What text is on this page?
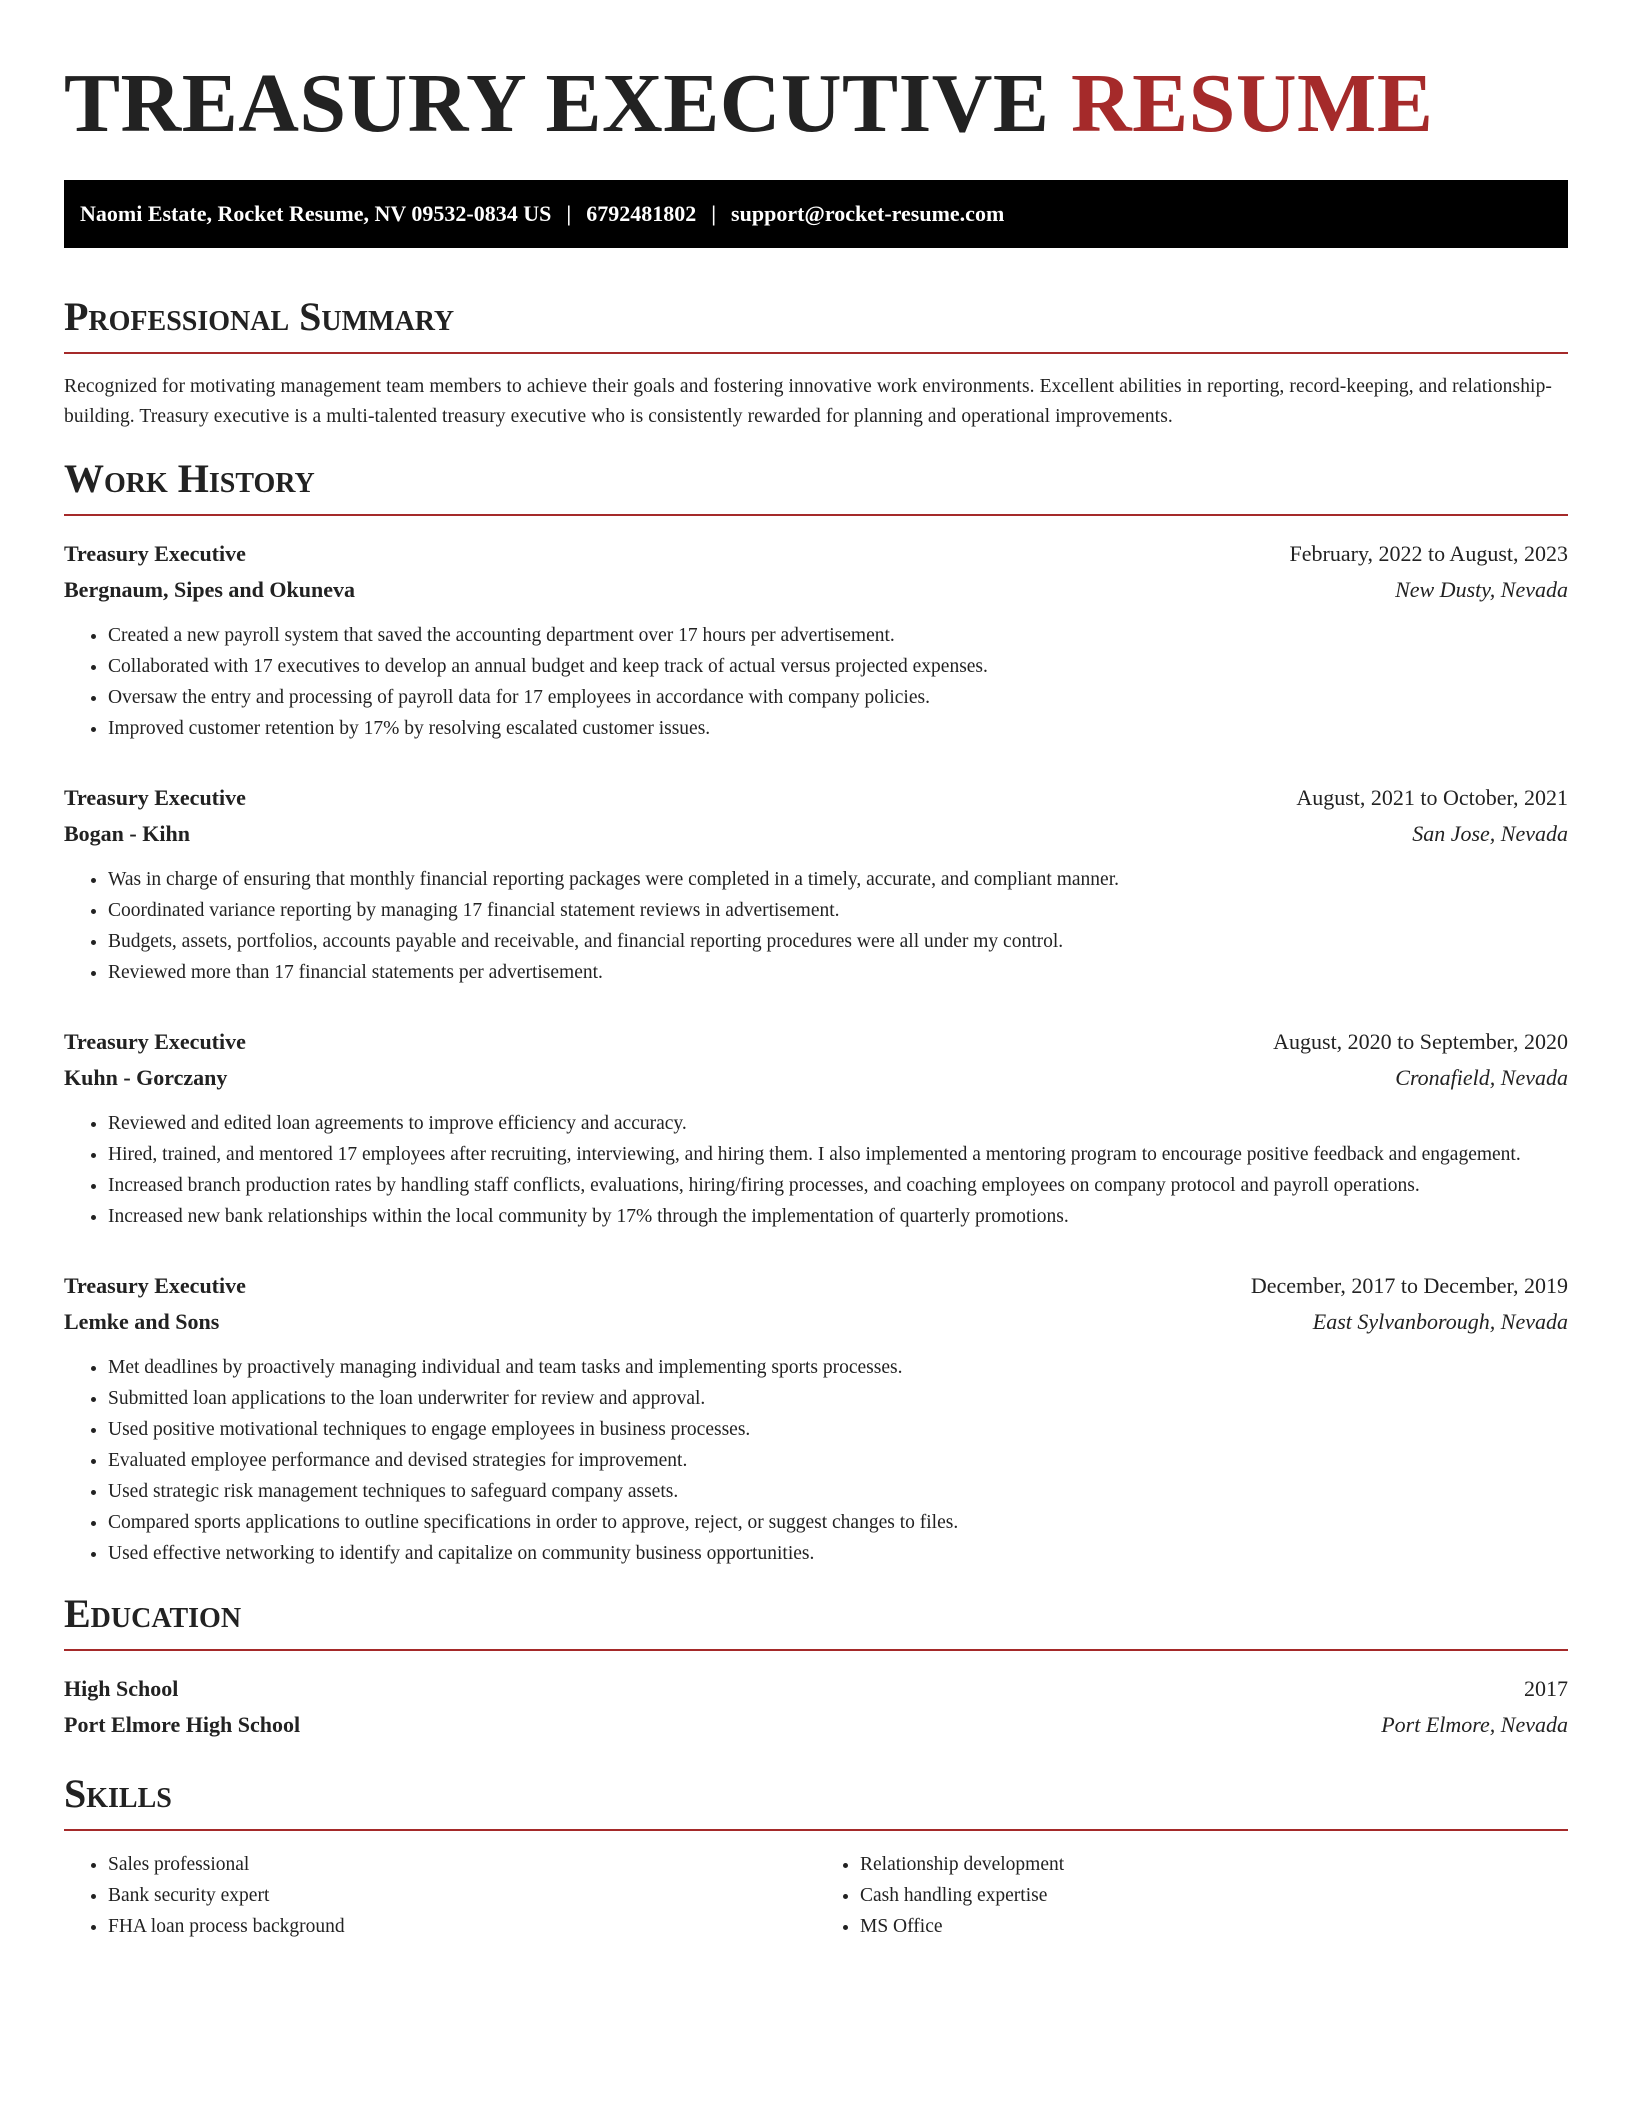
TREASURY EXECUTIVE RESUME
Naomi Estate, Rocket Resume, NV 09532-0834 US | 6792481802 | support@rocket-resume.com
Professional Summary

Recognized for motivating management team members to achieve their goals and fostering innovative work environments. Excellent abilities in reporting, record-keeping, and relationship-building. Treasury executive is a multi-talented treasury executive who is consistently rewarded for planning and operational improvements.

Work History
Treasury Executive	February, 2022 to August, 2023
Bergnaum, Sipes and Okuneva	New Dusty, Nevada
• Created a new payroll system that saved the accounting department over 17 hours per advertisement.
• Collaborated with 17 executives to develop an annual budget and keep track of actual versus projected expenses.
• Oversaw the entry and processing of payroll data for 17 employees in accordance with company policies.
• Improved customer retention by 17% by resolving escalated customer issues.
Treasury Executive	August, 2021 to October, 2021
Bogan - Kihn	San Jose, Nevada
• Was in charge of ensuring that monthly financial reporting packages were completed in a timely, accurate, and compliant manner.
• Coordinated variance reporting by managing 17 financial statement reviews in advertisement.
• Budgets, assets, portfolios, accounts payable and receivable, and financial reporting procedures were all under my control.
• Reviewed more than 17 financial statements per advertisement.
Treasury Executive	August, 2020 to September, 2020
Kuhn - Gorczany	Cronafield, Nevada
• Reviewed and edited loan agreements to improve efficiency and accuracy.
• Hired, trained, and mentored 17 employees after recruiting, interviewing, and hiring them. I also implemented a mentoring program to encourage positive feedback and engagement.
• Increased branch production rates by handling staff conflicts, evaluations, hiring/firing processes, and coaching employees on company protocol and payroll operations.
• Increased new bank relationships within the local community by 17% through the implementation of quarterly promotions.
Treasury Executive	December, 2017 to December, 2019
Lemke and Sons	East Sylvanborough, Nevada
• Met deadlines by proactively managing individual and team tasks and implementing sports processes.
• Submitted loan applications to the loan underwriter for review and approval.
• Used positive motivational techniques to engage employees in business processes.
• Evaluated employee performance and devised strategies for improvement.
• Used strategic risk management techniques to safeguard company assets.
• Compared sports applications to outline specifications in order to approve, reject, or suggest changes to files.
• Used effective networking to identify and capitalize on community business opportunities.
Education
High School	2017
Port Elmore High School	Port Elmore, Nevada
Skills
• Sales professional
• Bank security expert
• FHA loan process background
• Relationship development
• Cash handling expertise
• MS Office
